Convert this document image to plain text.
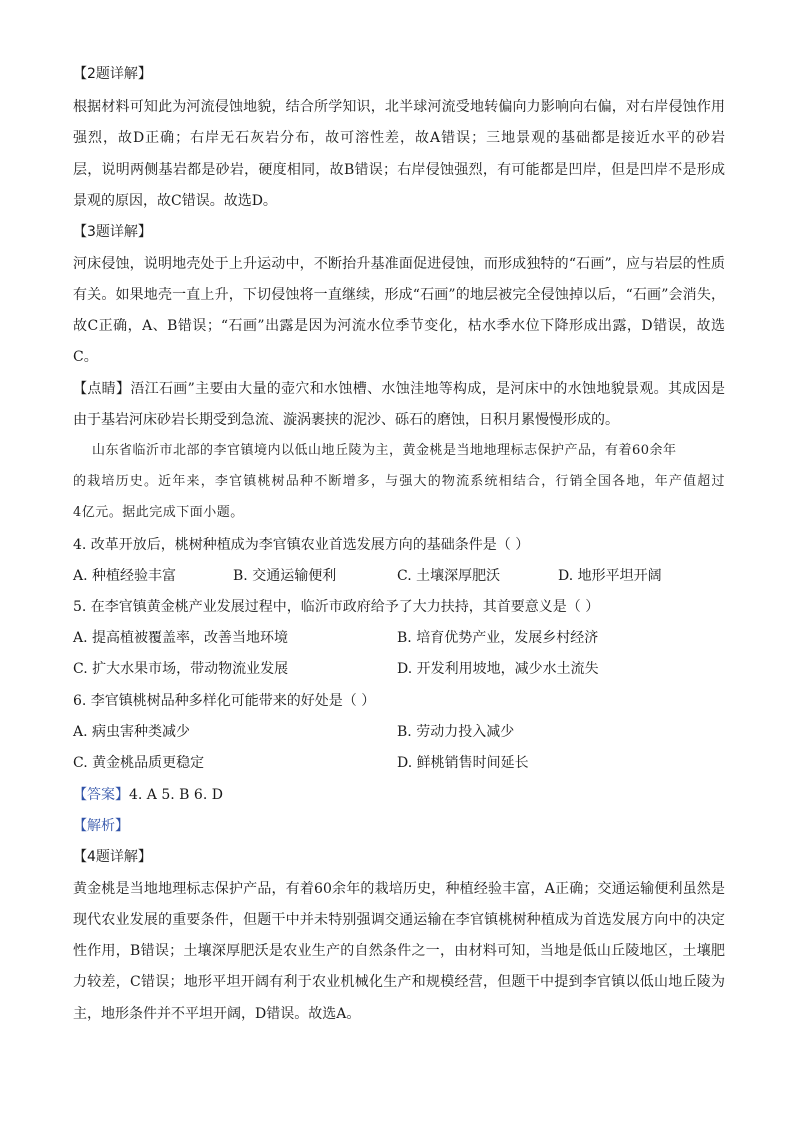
【2题详解】
根据材料可知此为河流侵蚀地貌，结合所学知识，北半球河流受地转偏向力影响向右偏，对右岸侵蚀作用
强烈，故D正确；右岸无石灰岩分布，故可溶性差，故A错误；三地景观的基础都是接近水平的砂岩
层，说明两侧基岩都是砂岩，硬度相同，故B错误；右岸侵蚀强烈，有可能都是凹岸，但是凹岸不是形成
景观的原因，故C错误。故选D。
【3题详解】
河床侵蚀，说明地壳处于上升运动中，不断抬升基准面促进侵蚀，而形成独特的“石画”，应与岩层的性质
有关。如果地壳一直上升，下切侵蚀将一直继续，形成“石画”的地层被完全侵蚀掉以后，“石画”会消失，
故C正确，A、B错误；“石画”出露是因为河流水位季节变化，枯水季水位下降形成出露，D错误，故选
C。
【点睛】浯江石画”主要由大量的壶穴和水蚀槽、水蚀洼地等构成，是河床中的水蚀地貌景观。其成因是
由于基岩河床砂岩长期受到急流、漩涡裹挟的泥沙、砾石的磨蚀，日积月累慢慢形成的。
山东省临沂市北部的李官镇境内以低山地丘陵为主，黄金桃是当地地理标志保护产品，有着60余年
的栽培历史。近年来，李官镇桃树品种不断增多，与强大的物流系统相结合，行销全国各地，年产值超过
4亿元。据此完成下面小题。
4. 改革开放后，桃树种植成为李官镇农业首选发展方向的基础条件是（ ）
A. 种植经验丰富	B. 交通运输便利	C. 土壤深厚肥沃	D. 地形平坦开阔
5. 在李官镇黄金桃产业发展过程中，临沂市政府给予了大力扶持，其首要意义是（ ）
A. 提高植被覆盖率，改善当地环境	B. 培育优势产业，发展乡村经济
C. 扩大水果市场，带动物流业发展	D. 开发利用坡地，减少水土流失
6. 李官镇桃树品种多样化可能带来的好处是（ ）
A. 病虫害种类减少	B. 劳动力投入减少
C. 黄金桃品质更稳定	D. 鲜桃销售时间延长
【答案】4. A 5. B 6. D
【解析】
【4题详解】
黄金桃是当地地理标志保护产品，有着60余年的栽培历史，种植经验丰富，A正确；交通运输便利虽然是
现代农业发展的重要条件，但题干中并未特别强调交通运输在李官镇桃树种植成为首选发展方向中的决定
性作用，B错误；土壤深厚肥沃是农业生产的自然条件之一，由材料可知，当地是低山丘陵地区，土壤肥
力较差，C错误；地形平坦开阔有利于农业机械化生产和规模经营，但题干中提到李官镇以低山地丘陵为
主，地形条件并不平坦开阔，D错误。故选A。
